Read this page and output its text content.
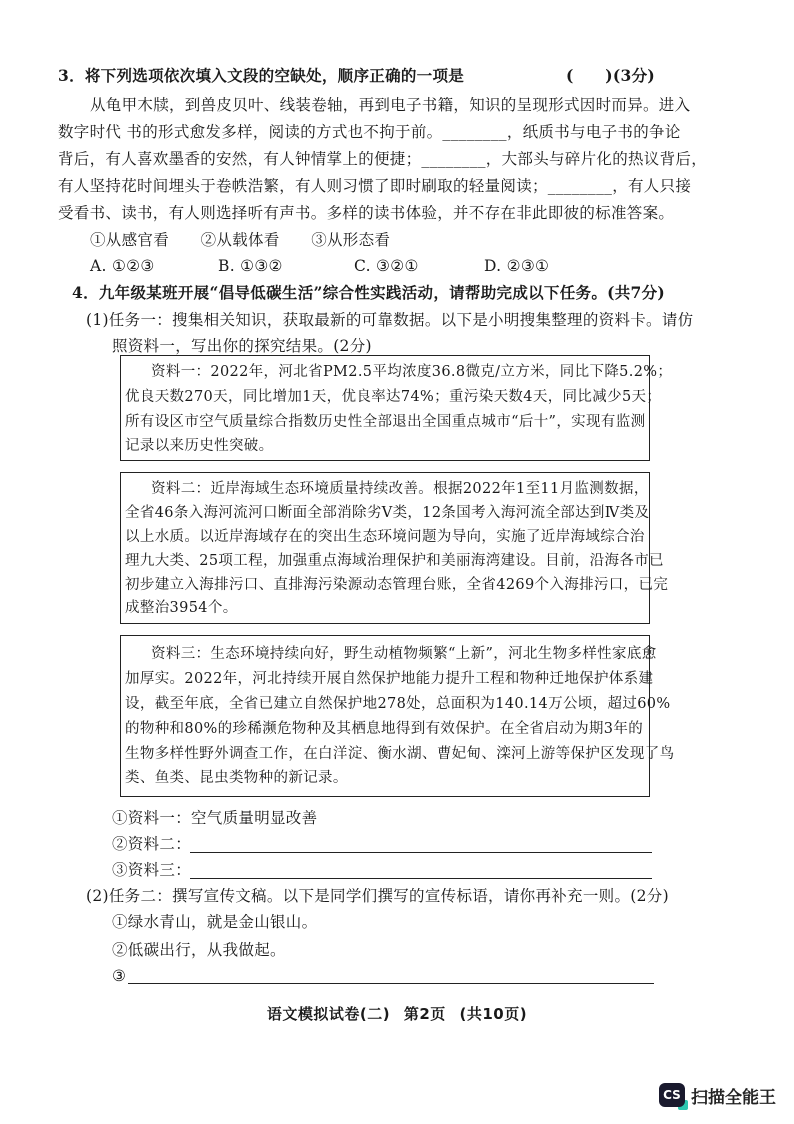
3．将下列选项依次填入文段的空缺处，顺序正确的一项是	(　　)(3分)
从龟甲木牍，到兽皮贝叶、线装卷轴，再到电子书籍，知识的呈现形式因时而异。进入
数字时代 书的形式愈发多样，阅读的方式也不拘于前。________，纸质书与电子书的争论
背后，有人喜欢墨香的安然，有人钟情掌上的便捷；________，大部头与碎片化的热议背后，
有人坚持花时间埋头于卷帙浩繁，有人则习惯了即时刷取的轻量阅读；________，有人只接
受看书、读书，有人则选择听有声书。多样的读书体验，并不存在非此即彼的标准答案。
①从感官看　　②从载体看　　③从形态看
A. ①②③	B. ①③②	C. ③②①	D. ②③①
4．九年级某班开展“倡导低碳生活”综合性实践活动，请帮助完成以下任务。(共7分)
(1)任务一：搜集相关知识，获取最新的可靠数据。以下是小明搜集整理的资料卡。请仿
照资料一，写出你的探究结果。(2分)
资料一：2022年，河北省PM2.5平均浓度36.8微克/立方米，同比下降5.2%；
优良天数270天，同比增加1天，优良率达74%；重污染天数4天，同比减少5天；
所有设区市空气质量综合指数历史性全部退出全国重点城市“后十”，实现有监测
记录以来历史性突破。
资料二：近岸海域生态环境质量持续改善。根据2022年1至11月监测数据，
全省46条入海河流河口断面全部消除劣Ⅴ类，12条国考入海河流全部达到Ⅳ类及
以上水质。以近岸海域存在的突出生态环境问题为导向，实施了近岸海域综合治
理九大类、25项工程，加强重点海域治理保护和美丽海湾建设。目前，沿海各市已
初步建立入海排污口、直排海污染源动态管理台账，全省4269个入海排污口，已完
成整治3954个。
资料三：生态环境持续向好，野生动植物频繁“上新”，河北生物多样性家底愈
加厚实。2022年，河北持续开展自然保护地能力提升工程和物种迁地保护体系建
设，截至年底，全省已建立自然保护地278处，总面积为140.14万公顷，超过60%
的物种和80%的珍稀濒危物种及其栖息地得到有效保护。在全省启动为期3年的
生物多样性野外调查工作，在白洋淀、衡水湖、曹妃甸、滦河上游等保护区发现了鸟
类、鱼类、昆虫类物种的新记录。
①资料一：空气质量明显改善
②资料二：
③资料三：
(2)任务二：撰写宣传文稿。以下是同学们撰写的宣传标语，请你再补充一则。(2分)
①绿水青山，就是金山银山。
②低碳出行，从我做起。
③
语文模拟试卷(二) 第2页 (共10页)
CS 扫描全能王
